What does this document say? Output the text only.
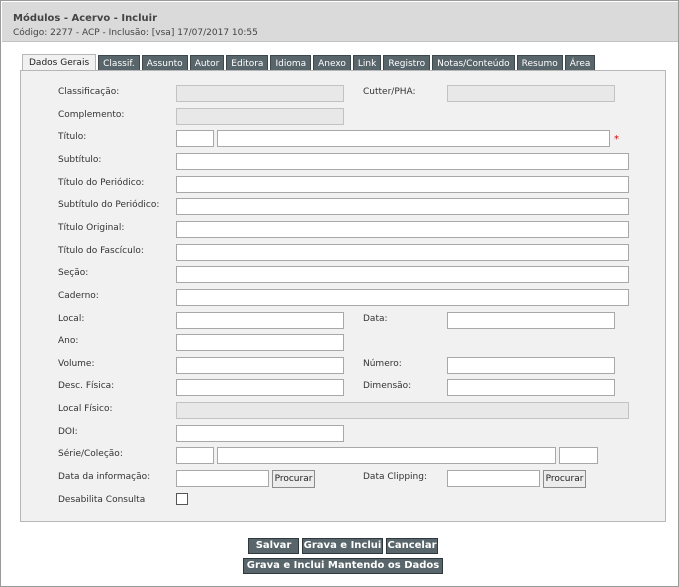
Módulos - Acervo - Incluir
Código: 2277 - ACP - Inclusão: [vsa] 17/07/2017 10:55
Dados Gerais	Classif.	Assunto	Autor	Editora	Idioma	Anexo	Link	Registro	Notas/Conteúdo	Resumo	Área
Classificação:	Cutter/PHA:
Complemento:
Título:	*
Subtítulo:
Título do Periódico:
Subtítulo do Periódico:
Título Original:
Título do Fascículo:
Seção:
Caderno:
Local:	Data:
Ano:
Volume:	Número:
Desc. Física:	Dimensão:
Local Físico:
DOI:
Série/Coleção:
Data da informação:	Procurar	Data Clipping:	Procurar
Desabilita Consulta
Salvar	Grava e Inclui Cancelar
Grava e Inclui Mantendo os Dados
